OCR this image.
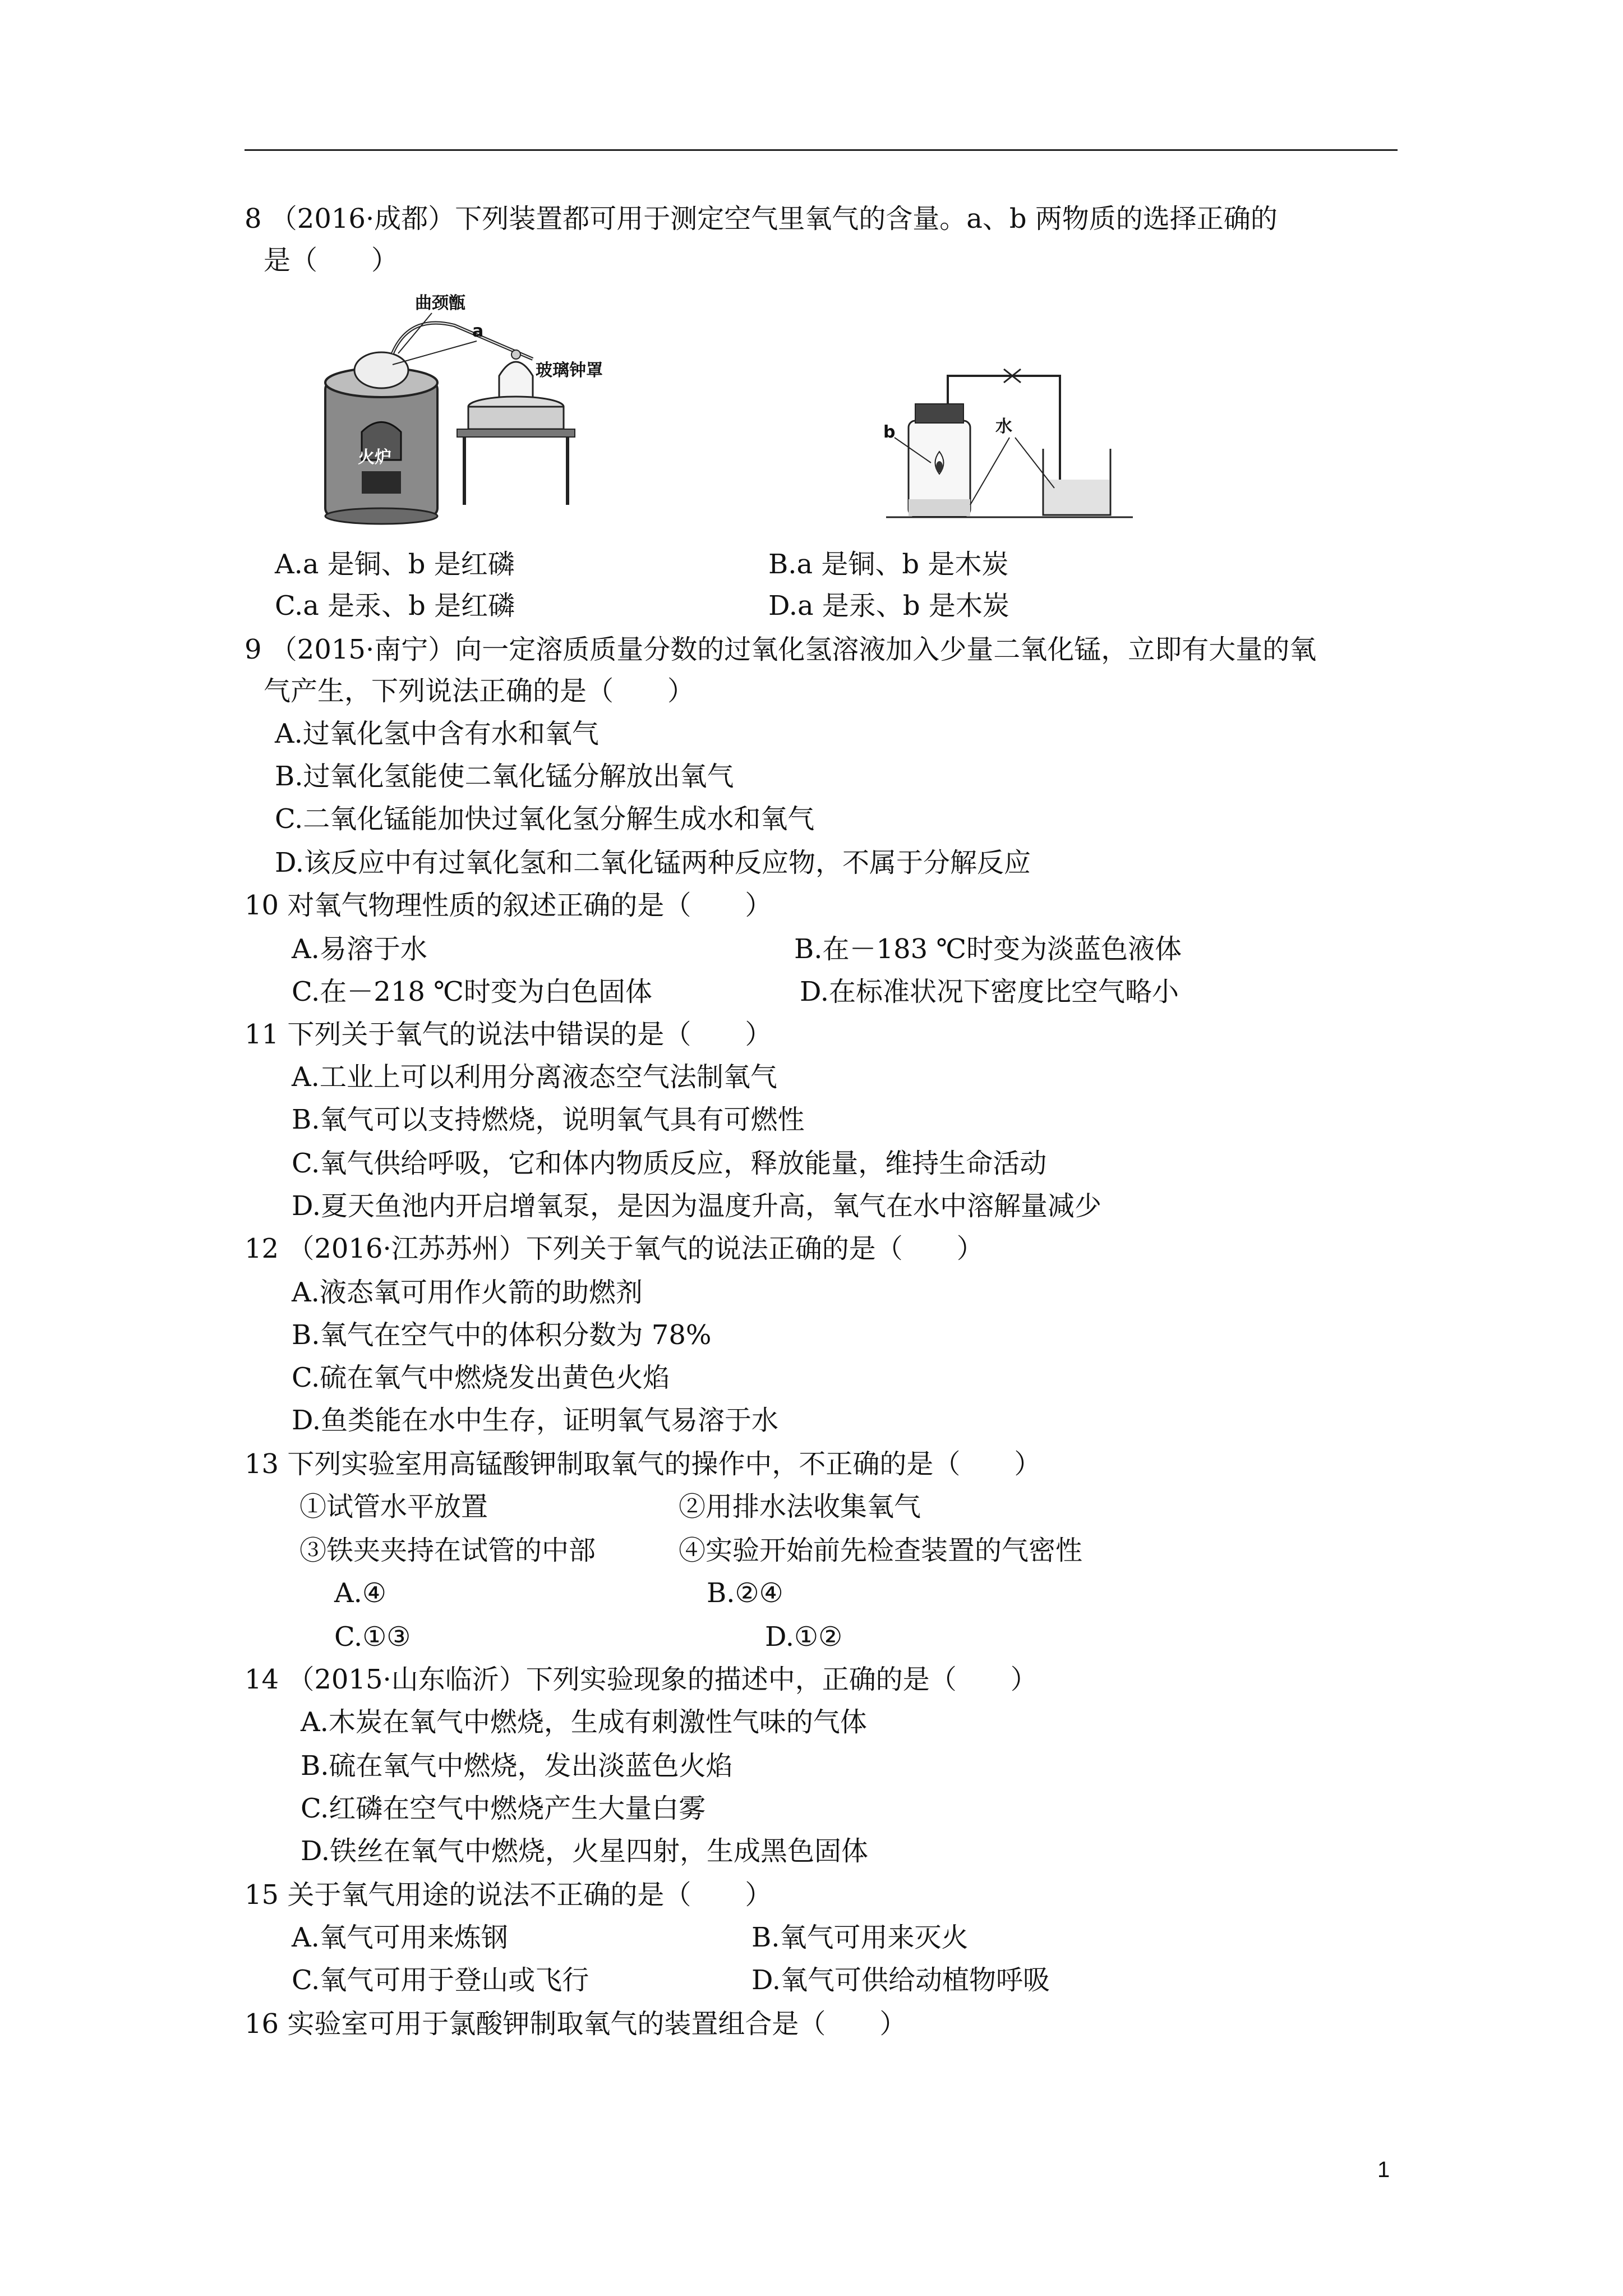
8 （2016·成都）下列装置都可用于测定空气里氧气的含量。a、b 两物质的选择正确的
是（　　）
火炉
曲颈甑
a
玻璃钟罩
b	水
A.a 是铜、b 是红磷	B.a 是铜、b 是木炭
C.a 是汞、b 是红磷	D.a 是汞、b 是木炭
9 （2015·南宁）向一定溶质质量分数的过氧化氢溶液加入少量二氧化锰，立即有大量的氧
气产生，下列说法正确的是（　　）
A.过氧化氢中含有水和氧气
B.过氧化氢能使二氧化锰分解放出氧气
C.二氧化锰能加快过氧化氢分解生成水和氧气
D.该反应中有过氧化氢和二氧化锰两种反应物，不属于分解反应
10 对氧气物理性质的叙述正确的是（　　）
A.易溶于水	B.在－183 ℃时变为淡蓝色液体
C.在－218 ℃时变为白色固体	D.在标准状况下密度比空气略小
11 下列关于氧气的说法中错误的是（　　）
A.工业上可以利用分离液态空气法制氧气
B.氧气可以支持燃烧，说明氧气具有可燃性
C.氧气供给呼吸，它和体内物质反应，释放能量，维持生命活动
D.夏天鱼池内开启增氧泵，是因为温度升高，氧气在水中溶解量减少
12 （2016·江苏苏州）下列关于氧气的说法正确的是（　　）
A.液态氧可用作火箭的助燃剂
B.氧气在空气中的体积分数为 78%
C.硫在氧气中燃烧发出黄色火焰
D.鱼类能在水中生存，证明氧气易溶于水
13 下列实验室用高锰酸钾制取氧气的操作中，不正确的是（　　）
①试管水平放置	②用排水法收集氧气
③铁夹夹持在试管的中部	④实验开始前先检查装置的气密性
A.④	B.②④
C.①③	D.①②
14 （2015·山东临沂）下列实验现象的描述中，正确的是（　　）
A.木炭在氧气中燃烧，生成有刺激性气味的气体
B.硫在氧气中燃烧，发出淡蓝色火焰
C.红磷在空气中燃烧产生大量白雾
D.铁丝在氧气中燃烧，火星四射，生成黑色固体
15 关于氧气用途的说法不正确的是（　　）
A.氧气可用来炼钢	B.氧气可用来灭火
C.氧气可用于登山或飞行	D.氧气可供给动植物呼吸
16 实验室可用于氯酸钾制取氧气的装置组合是（　　）
1
